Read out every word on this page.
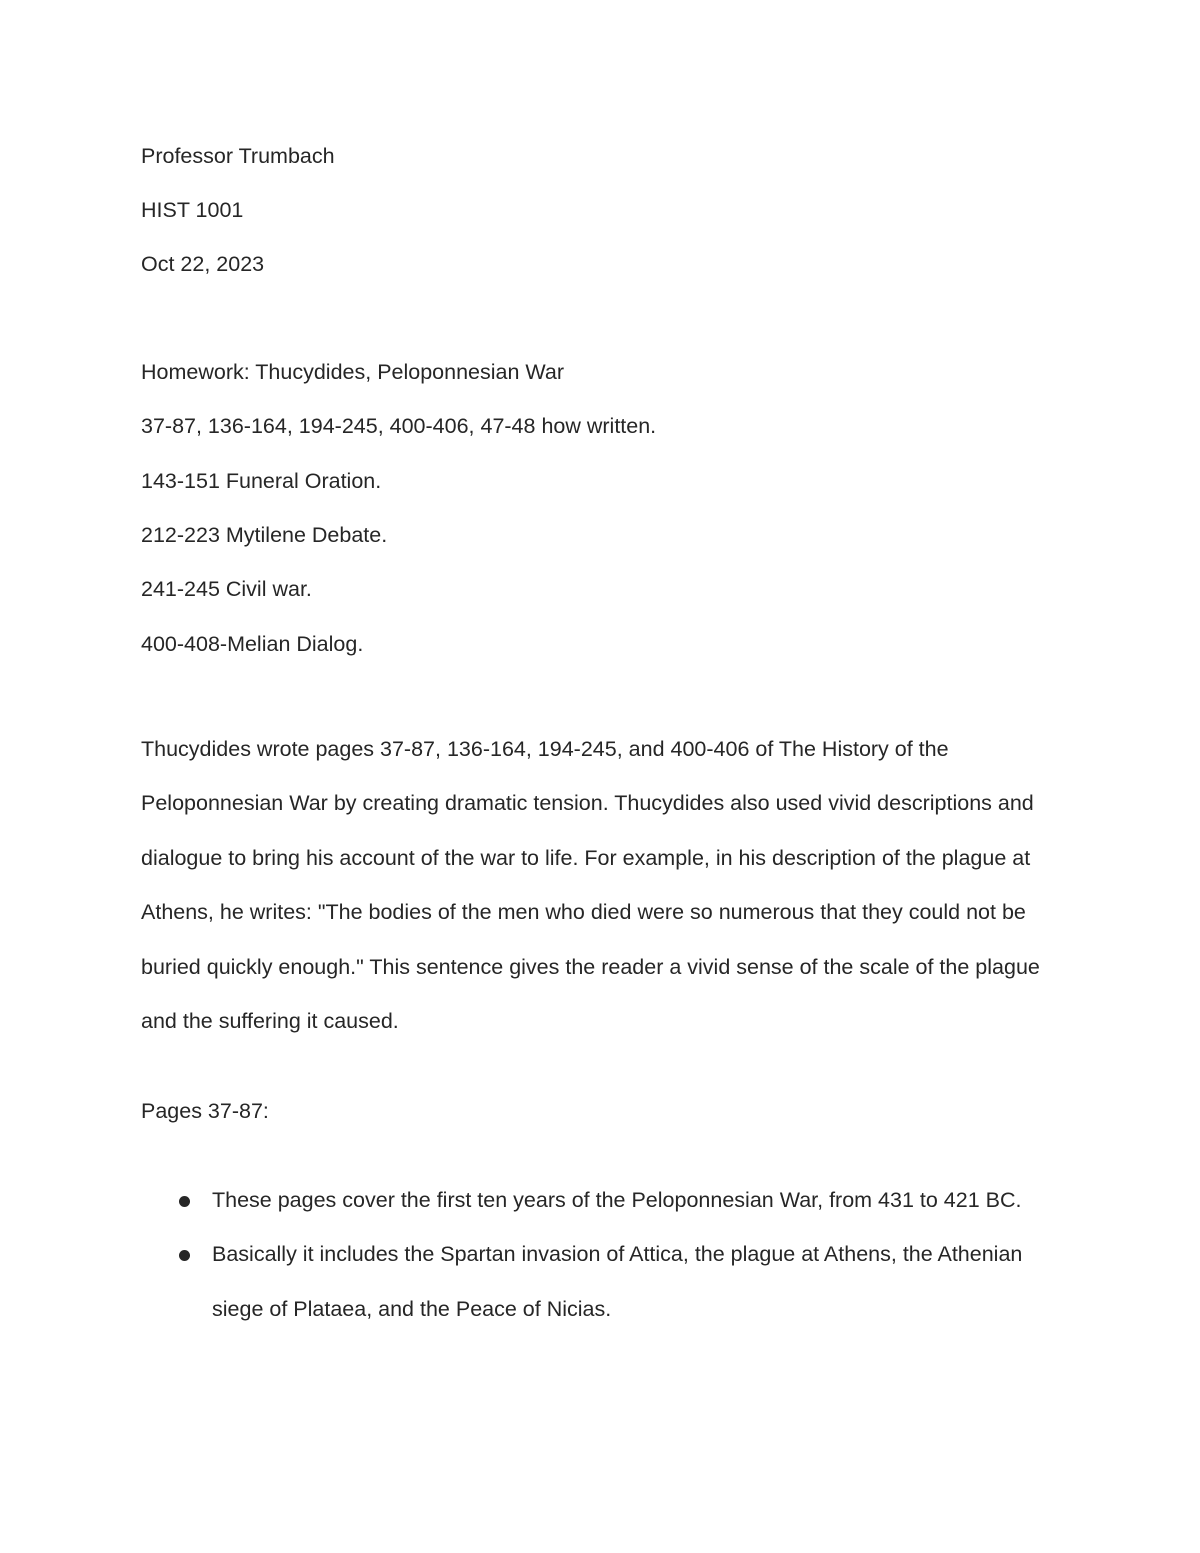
Professor Trumbach

HIST 1001

Oct 22, 2023

Homework: Thucydides, Peloponnesian War

37-87, 136-164, 194-245, 400-406, 47-48 how written.

143-151 Funeral Oration.

212-223 Mytilene Debate.

241-245 Civil war.

400-408-Melian Dialog.

Thucydides wrote pages 37-87, 136-164, 194-245, and 400-406 of The History of the Peloponnesian War by creating dramatic tension. Thucydides also used vivid descriptions and dialogue to bring his account of the war to life. For example, in his description of the plague at Athens, he writes: "The bodies of the men who died were so numerous that they could not be buried quickly enough." This sentence gives the reader a vivid sense of the scale of the plague and the suffering it caused.

Pages 37-87:

These pages cover the first ten years of the Peloponnesian War, from 431 to 421 BC.
Basically it includes the Spartan invasion of Attica, the plague at Athens, the Athenian siege of Plataea, and the Peace of Nicias.
